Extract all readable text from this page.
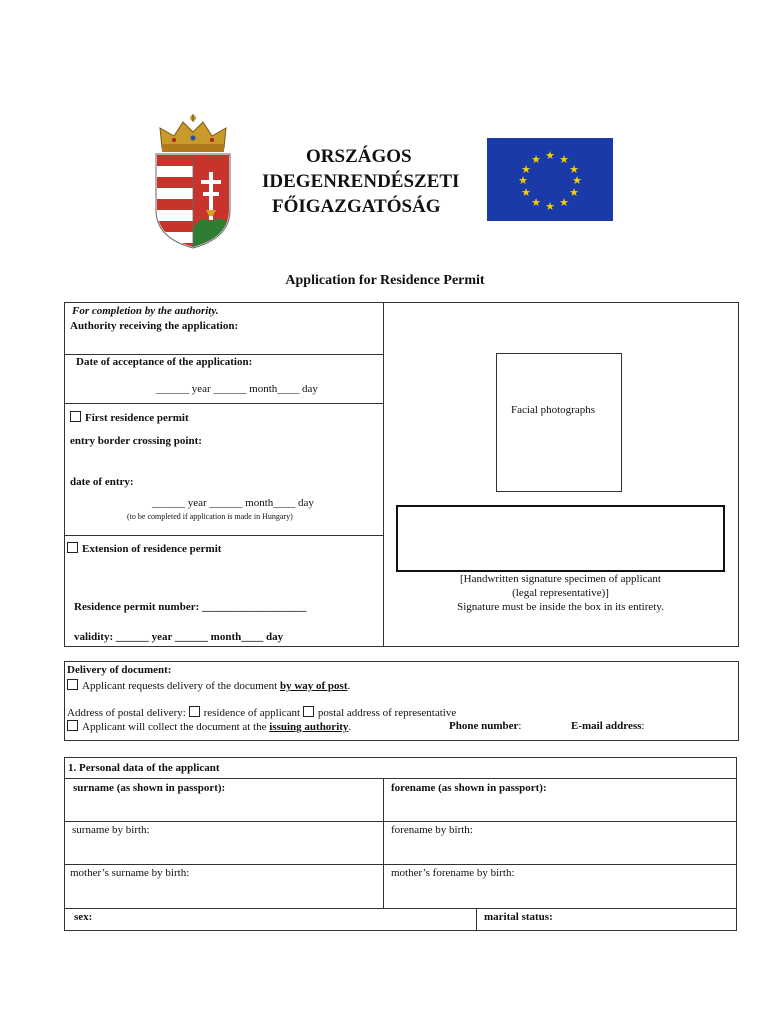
ORSZÁGOS
IDEGENRENDÉSZETI
FŐIGAZGATÓSÁG
★ ★
★
★
★
★
★
★
★
★
★
★
Application for Residence Permit
For completion by the authority.
Authority receiving the application:
Date of acceptance of the application:
______ year ______ month____ day
First residence permit
entry border crossing point:
date of entry:
______ year ______ month____ day
(to be completed if application is made in Hungary)
Extension of residence permit
Residence permit number: ___________________
validity: ______ year ______ month____ day
Facial photographs
[Handwritten signature specimen of applicant
(legal representative)]
Signature must be inside the box in its entirety.
Delivery of document:
Applicant requests delivery of the document by way of post.
Address of postal delivery: residence of applicant postal address of representative
Applicant will collect the document at the issuing authority.	Phone number:	E-mail address:
1. Personal data of the applicant
surname (as shown in passport):	forename (as shown in passport):
surname by birth:	forename by birth:
mother’s surname by birth:	mother’s forename by birth:
sex:	marital status:
